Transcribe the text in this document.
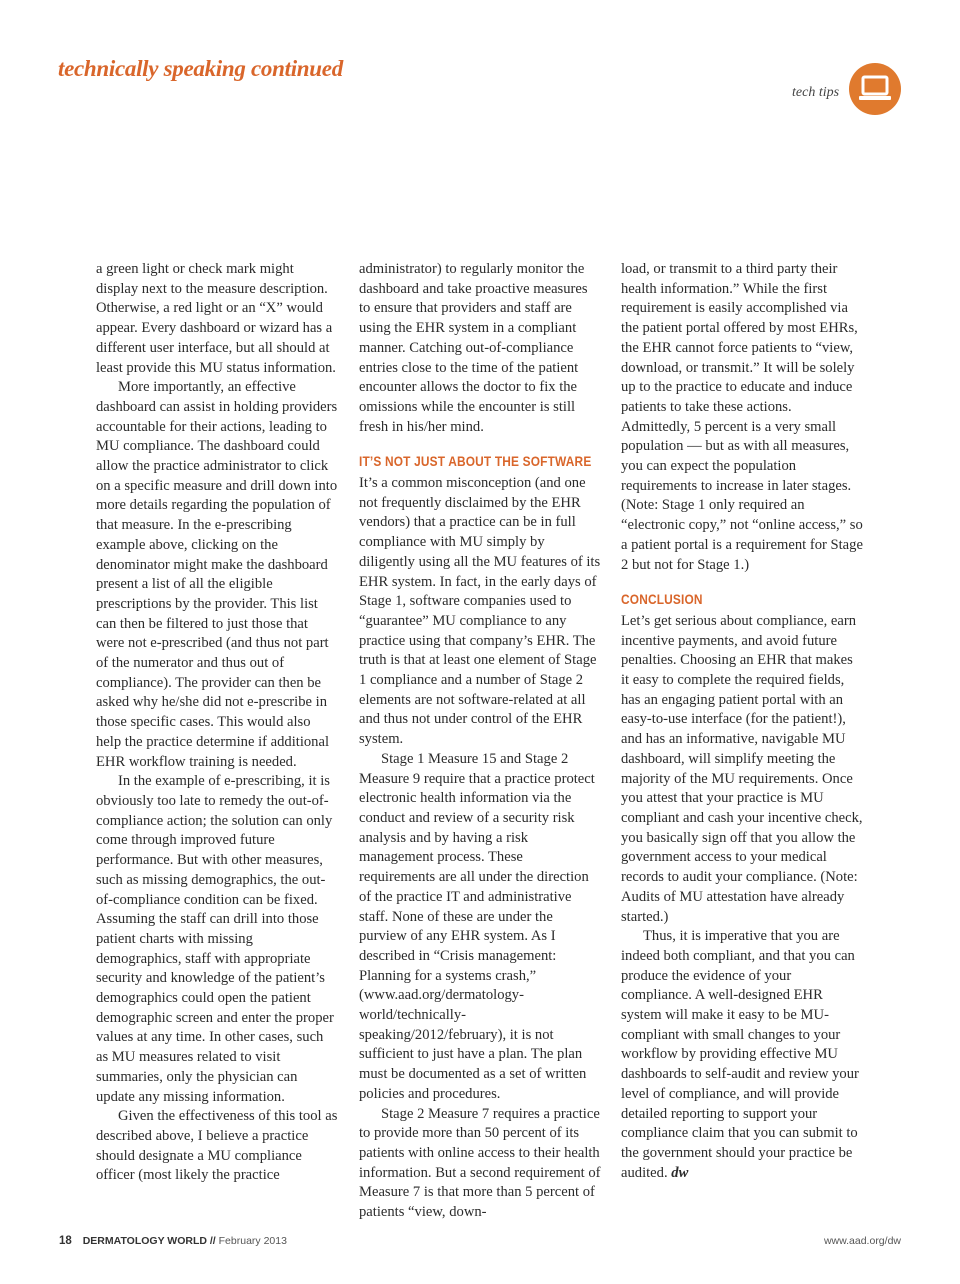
technically speaking continued
tech tips

a green light or check mark might display next to the measure description. Otherwise, a red light or an “X” would appear. Every dashboard or wizard has a different user interface, but all should at least provide this MU status information.

More importantly, an effective dashboard can assist in holding providers accountable for their actions, leading to MU compliance. The dashboard could allow the practice administrator to click on a specific measure and drill down into more details regarding the population of that measure. In the e-prescribing example above, clicking on the denominator might make the dashboard present a list of all the eligible prescriptions by the provider. This list can then be filtered to just those that were not e-prescribed (and thus not part of the numerator and thus out of compliance). The provider can then be asked why he/she did not e-prescribe in those specific cases. This would also help the practice determine if additional EHR workflow training is needed.

In the example of e-prescribing, it is obviously too late to remedy the out-of-compliance action; the solution can only come through improved future performance. But with other measures, such as missing demographics, the out-of-compliance condition can be fixed. Assuming the staff can drill into those patient charts with missing demographics, staff with appropriate security and knowledge of the patient’s demographics could open the patient demographic screen and enter the proper values at any time. In other cases, such as MU measures related to visit summaries, only the physician can update any missing information.

Given the effectiveness of this tool as described above, I believe a practice should designate a MU compliance officer (most likely the practice

administrator) to regularly monitor the dashboard and take proactive measures to ensure that providers and staff are using the EHR system in a compliant manner. Catching out-of-compliance entries close to the time of the patient encounter allows the doctor to fix the omissions while the encounter is still fresh in his/her mind.

IT’S NOT JUST ABOUT THE SOFTWARE

It’s a common misconception (and one not frequently disclaimed by the EHR vendors) that a practice can be in full compliance with MU simply by diligently using all the MU features of its EHR system. In fact, in the early days of Stage 1, software companies used to “guarantee” MU compliance to any practice using that company’s EHR. The truth is that at least one element of Stage 1 compliance and a number of Stage 2 elements are not software-related at all and thus not under control of the EHR system.

Stage 1 Measure 15 and Stage 2 Measure 9 require that a practice protect electronic health information via the conduct and review of a security risk analysis and by having a risk management process. These requirements are all under the direction of the practice IT and administrative staff. None of these are under the purview of any EHR system. As I described in “Crisis management: Planning for a systems crash,” (www.aad.org/dermatology-world/technically-speaking/2012/february), it is not sufficient to just have a plan. The plan must be documented as a set of written policies and procedures.

Stage 2 Measure 7 requires a practice to provide more than 50 percent of its patients with online access to their health information. But a second requirement of Measure 7 is that more than 5 percent of patients “view, down-

load, or transmit to a third party their health information.” While the first requirement is easily accomplished via the patient portal offered by most EHRs, the EHR cannot force patients to “view, download, or transmit.” It will be solely up to the practice to educate and induce patients to take these actions. Admittedly, 5 percent is a very small population — but as with all measures, you can expect the population requirements to increase in later stages. (Note: Stage 1 only required an “electronic copy,” not “online access,” so a patient portal is a requirement for Stage 2 but not for Stage 1.)

CONCLUSION

Let’s get serious about compliance, earn incentive payments, and avoid future penalties. Choosing an EHR that makes it easy to complete the required fields, has an engaging patient portal with an easy-to-use interface (for the patient!), and has an informative, navigable MU dashboard, will simplify meeting the majority of the MU requirements. Once you attest that your practice is MU compliant and cash your incentive check, you basically sign off that you allow the government access to your medical records to audit your compliance. (Note: Audits of MU attestation have already started.)

Thus, it is imperative that you are indeed both compliant, and that you can produce the evidence of your compliance. A well-designed EHR system will make it easy to be MU-compliant with small changes to your workflow by providing effective MU dashboards to self-audit and review your level of compliance, and will provide detailed reporting to support your compliance claim that you can submit to the government should your practice be audited. dw

18 DERMATOLOGY WORLD // February 2013	www.aad.org/dw
